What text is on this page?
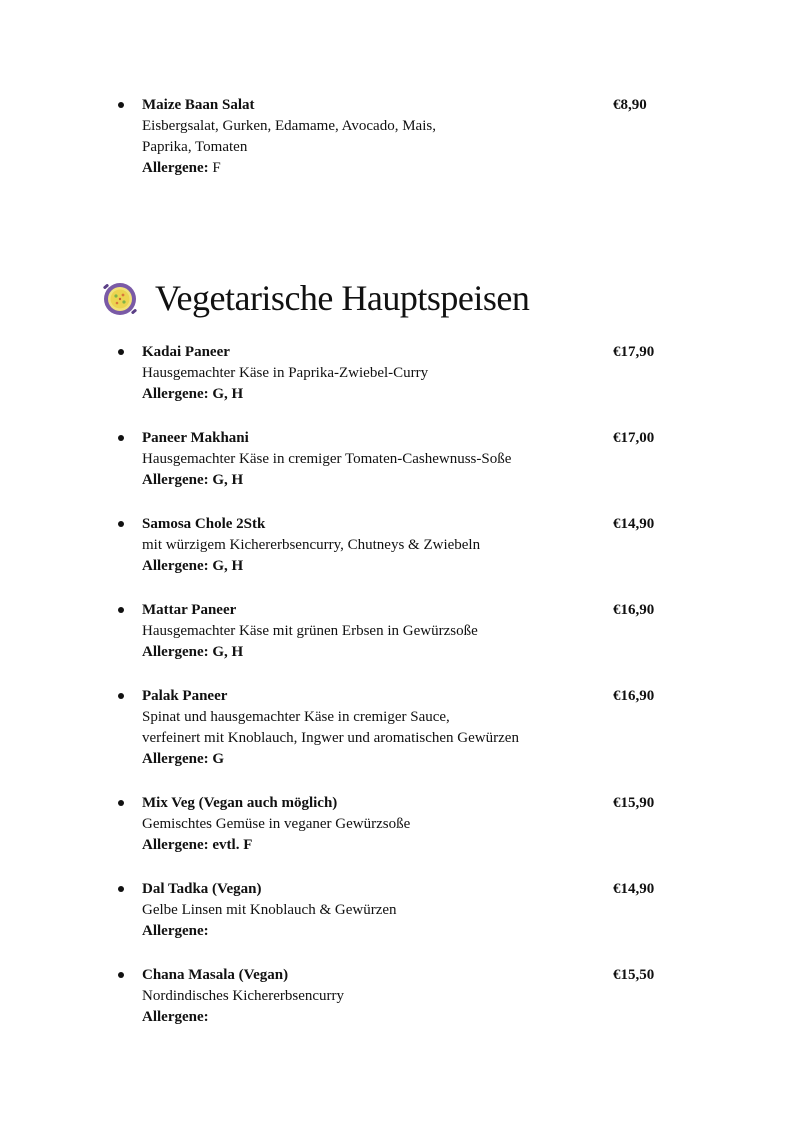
Maize Baan Salat	€8,90
Eisbergsalat, Gurken, Edamame, Avocado, Mais,
Paprika, Tomaten
Allergene: F
Vegetarische Hauptspeisen
Kadai Paneer	€17,90
Hausgemachter Käse in Paprika-Zwiebel-Curry
Allergene: G, H
Paneer Makhani	€17,00
Hausgemachter Käse in cremiger Tomaten-Cashewnuss-Soße
Allergene: G, H
Samosa Chole 2Stk	€14,90
mit würzigem Kichererbsencurry, Chutneys & Zwiebeln
Allergene: G, H
Mattar Paneer	€16,90
Hausgemachter Käse mit grünen Erbsen in Gewürzsoße
Allergene: G, H
Palak Paneer	€16,90
Spinat und hausgemachter Käse in cremiger Sauce,
verfeinert mit Knoblauch, Ingwer und aromatischen Gewürzen
Allergene: G
Mix Veg (Vegan auch möglich)	€15,90
Gemischtes Gemüse in veganer Gewürzsoße
Allergene: evtl. F
Dal Tadka (Vegan)	€14,90
Gelbe Linsen mit Knoblauch & Gewürzen
Allergene:
Chana Masala (Vegan)	€15,50
Nordindisches Kichererbsencurry
Allergene:
